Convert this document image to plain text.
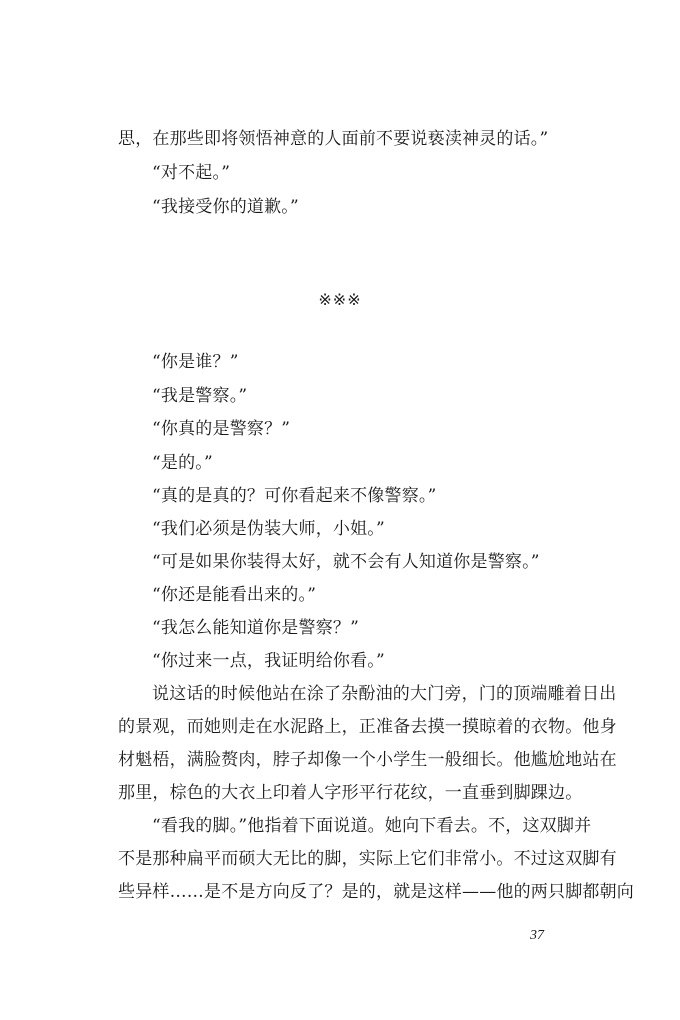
思，在那些即将领悟神意的人面前不要说亵渎神灵的话。”
“对不起。”
“我接受你的道歉。”
※※※
“你是谁？”
“我是警察。”
“你真的是警察？”
“是的。”
“真的是真的？可你看起来不像警察。”
“我们必须是伪装大师，小姐。”
“可是如果你装得太好，就不会有人知道你是警察。”
“你还是能看出来的。”
“我怎么能知道你是警察？”
“你过来一点，我证明给你看。”
说这话的时候他站在涂了杂酚油的大门旁，门的顶端雕着日出
的景观，而她则走在水泥路上，正准备去摸一摸晾着的衣物。他身
材魁梧，满脸赘肉，脖子却像一个小学生一般细长。他尴尬地站在
那里，棕色的大衣上印着人字形平行花纹，一直垂到脚踝边。
“看我的脚。”他指着下面说道。她向下看去。不，这双脚并
不是那种扁平而硕大无比的脚，实际上它们非常小。不过这双脚有
些异样……是不是方向反了？是的，就是这样——他的两只脚都朝向
37
